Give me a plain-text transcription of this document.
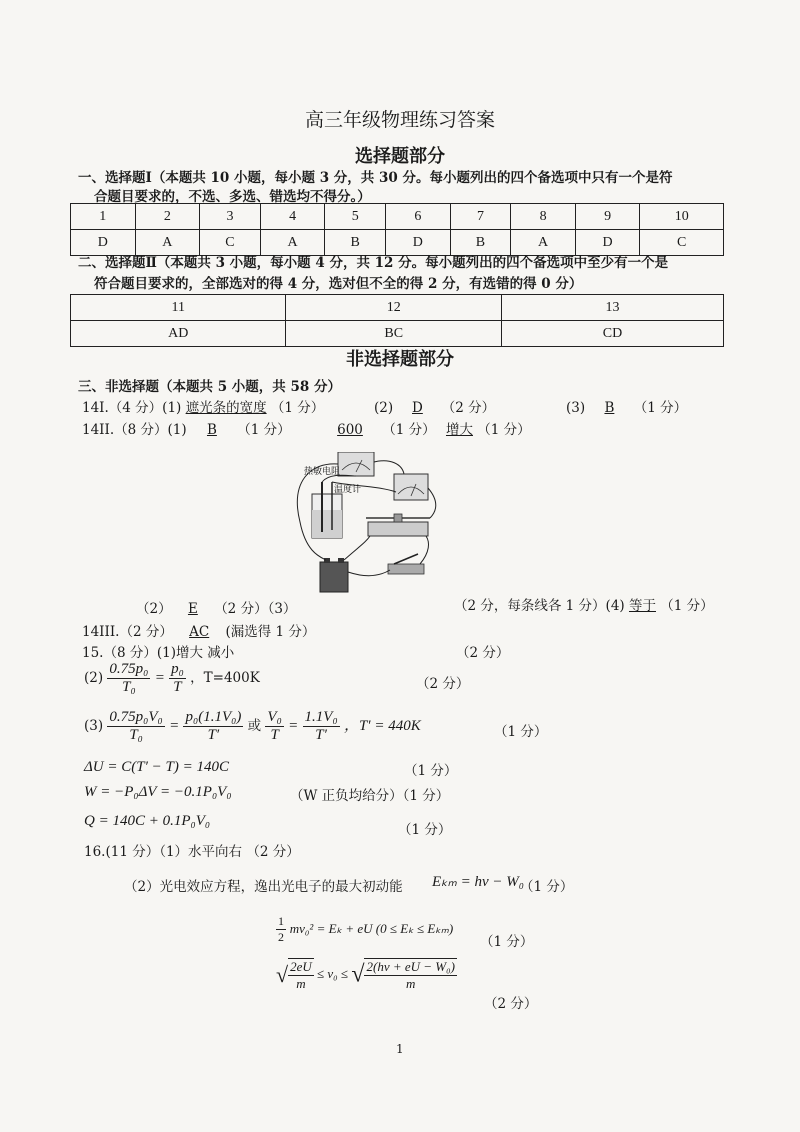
高三年级物理练习答案
选择题部分
一、选择题I（本题共 10 小题，每小题 3 分，共 30 分。每小题列出的四个备选项中只有一个是符
合题目要求的，不选、多选、错选均不得分。）
1	2	3	4	5	6	7	8	9	10
D	A	C	A	B	D	B	A	D	C
二、选择题Ⅱ（本题共 3 小题，每小题 4 分，共 12 分。每小题列出的四个备选项中至少有一个是
符合题目要求的，全部选对的得 4 分，选对但不全的得 2 分，有选错的得 0 分）
11	12	13
AD	BC	CD
非选择题部分
三、非选择题（本题共 5 小题，共 58 分）
14I.（4 分）(1) 遮光条的宽度 （1 分）	(2) D （2 分）	(3) B （1 分）
14II.（8 分）(1) B （1 分）	600 （1 分） 增大 （1 分）
热敏电阻
温度计
（2） E （2 分）（3）	（2 分，每条线各 1 分）(4) 等于 （1 分）
14III.（2 分） AC (漏选得 1 分）
15.（8 分）(1)增大 减小	（2 分）
$(2) \frac{\text{0.75p₀}}{\text{T₀}} = \frac{\text{p₀}}{T}$ ，T=400K	（2 分）
$(3) \frac{\text{0.75p₀V₀}}{\text{T₀}} = \frac{\text{p₀(1.1V₀)}}{T'}$ 或 $\frac{\text{V₀}}{T} = \frac{\text{1.1V₀}}{T'}$ ，T′ = 440K	（1 分）
ΔU = C(T′ − T) = 140C	（1 分）
W = −P₀ΔV = −0.1P₀V₀	（W 正负均给分）（1 分）
Q = 140C + 0.1P₀V₀
（1 分）
16.(11 分）（1）水平向右 （2 分）
（2）光电效应方程，逸出光电子的最大初动能 Eₖₘ = hν − W₀
（1 分）
$\frac{1}{2} mv_0^2 = E_k$ + eU (0 ≤ Eₖ ≤ Eₖₘ)
（1 分）
√ $\frac{2eU}{m} \le v_0$ ≤ √ $\frac{\text{2(hν + eU − W₀)}}{m}$
（2 分）
1
